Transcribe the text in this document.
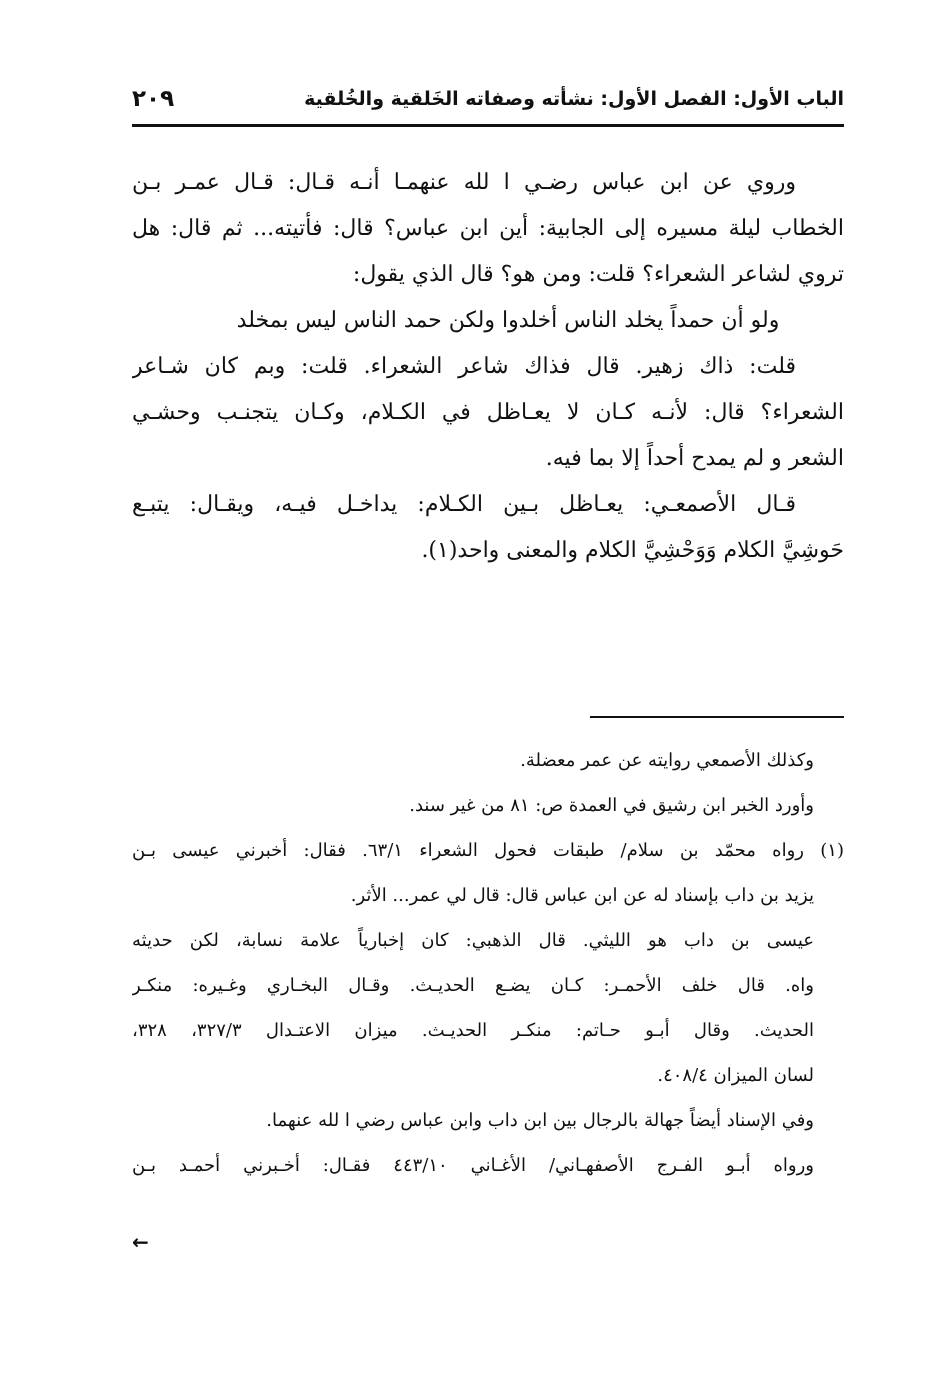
الباب الأول: الفصل الأول: نشأته وصفاته الخَلقية والخُلقية
٢٠٩
وروي عن ابن عباس رضـي ا لله عنهمـا أنـه قـال: قـال عمـر بـن
الخطاب ليلة مسيره إلى الجابية: أين ابن عباس؟ قال: فأتيته... ثم قال: هل
تروي لشاعر الشعراء؟ قلت: ومن هو؟ قال الذي يقول:
ولو أن حمداً يخلد الناس أخلدوا ولكن حمد الناس ليس بمخلد
قلت: ذاك زهير. قال فذاك شاعر الشعراء. قلت: وبم كان شـاعر
الشعراء؟ قال: لأنـه كـان لا يعـاظل في الكـلام، وكـان يتجنـب وحشـي
الشعر و لم يمدح أحداً إلا بما فيه.
قـال الأصمعـي: يعـاظل بـين الكـلام: يداخـل فيـه، ويقـال: يتبـع
حَوشِيَّ الكلام وَوَحْشِيَّ الكلام والمعنى واحد(١).
وكذلك الأصمعي روايته عن عمر معضلة.
وأورد الخبر ابن رشيق في العمدة ص: ٨١ من غير سند.
(١) رواه محمّد بن سلام/ طبقات فحول الشعراء ٦٣/١. فقال: أخبرني عيسى بـن
يزيد بن داب بإسناد له عن ابن عباس قال: قال لي عمر... الأثر.
عيسى بن داب هو الليثي. قال الذهبي: كان إخبارياً علامة نسابة، لكن حديثه
واه. قال خلف الأحمـر: كـان يضـع الحديـث. وقـال البخـاري وغـيره: منكـر
الحديث. وقال أبـو حـاتم: منكـر الحديـث. ميزان الاعتـدال ٣٢٧/٣، ٣٢٨،
لسان الميزان ٤٠٨/٤.
وفي الإسناد أيضاً جهالة بالرجال بين ابن داب وابن عباس رضي ا لله عنهما.
ورواه أبـو الفـرج الأصفهـاني/ الأغـاني ٤٤٣/١٠ فقـال: أخـبرني أحمـد بـن
←
